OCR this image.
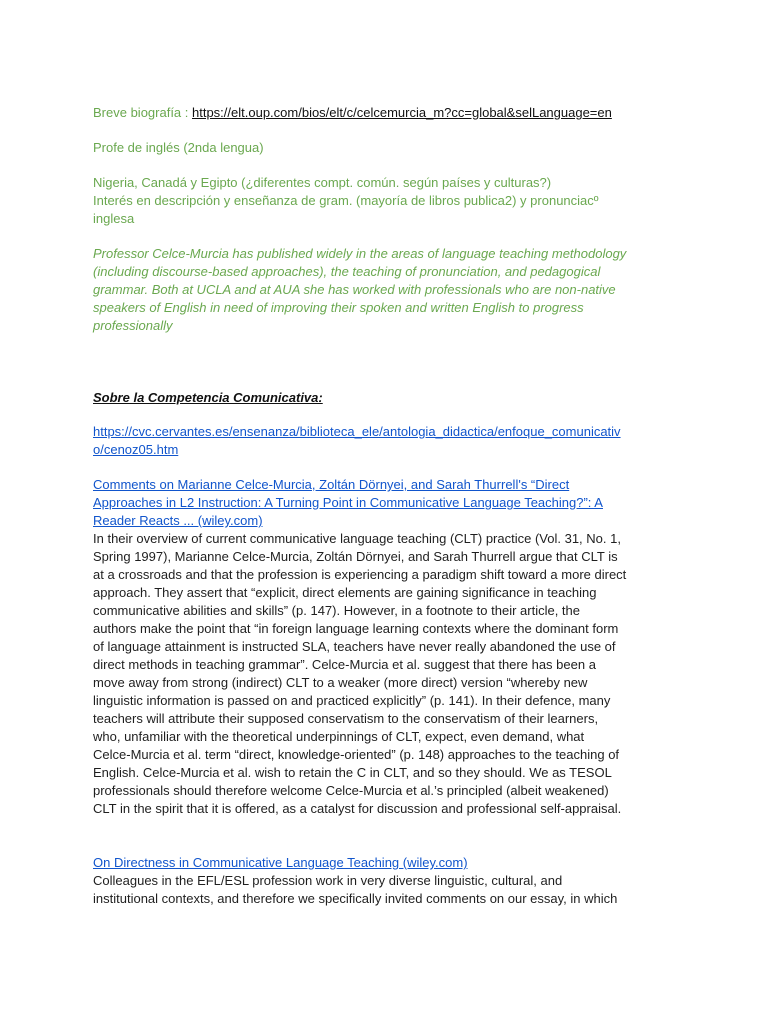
Breve biografía : https://elt.oup.com/bios/elt/c/celcemurcia_m?cc=global&selLanguage=en

Profe de inglés (2nda lengua)

Nigeria, Canadá y Egipto (¿diferentes compt. común. según países y culturas?)

Interés en descripción y enseñanza de gram. (mayoría de libros publica2) y pronunciacº

inglesa

Professor Celce-Murcia has published widely in the areas of language teaching methodology

(including discourse-based approaches), the teaching of pronunciation, and pedagogical

grammar. Both at UCLA and at AUA she has worked with professionals who are non-native

speakers of English in need of improving their spoken and written English to progress

professionally

Sobre la Competencia Comunicativa:

https://cvc.cervantes.es/ensenanza/biblioteca_ele/antologia_didactica/enfoque_comunicativ

o/cenoz05.htm

Comments on Marianne Celce-Murcia, Zoltán Dörnyei, and Sarah Thurrell's “Direct

Approaches in L2 Instruction: A Turning Point in Communicative Language Teaching?”: A

Reader Reacts ... (wiley.com)

In their overview of current communicative language teaching (CLT) practice (Vol. 31, No. 1,

Spring 1997), Marianne Celce-Murcia, Zoltán Dörnyei, and Sarah Thurrell argue that CLT is

at a crossroads and that the profession is experiencing a paradigm shift toward a more direct

approach. They assert that “explicit, direct elements are gaining significance in teaching

communicative abilities and skills” (p. 147). However, in a footnote to their article, the

authors make the point that “in foreign language learning contexts where the dominant form

of language attainment is instructed SLA, teachers have never really abandoned the use of

direct methods in teaching grammar”. Celce-Murcia et al. suggest that there has been a

move away from strong (indirect) CLT to a weaker (more direct) version “whereby new

linguistic information is passed on and practiced explicitly” (p. 141). In their defence, many

teachers will attribute their supposed conservatism to the conservatism of their learners,

who, unfamiliar with the theoretical underpinnings of CLT, expect, even demand, what

Celce-Murcia et al. term “direct, knowledge-oriented” (p. 148) approaches to the teaching of

English. Celce-Murcia et al. wish to retain the C in CLT, and so they should. We as TESOL

professionals should therefore welcome Celce-Murcia et al.’s principled (albeit weakened)

CLT in the spirit that it is offered, as a catalyst for discussion and professional self-appraisal.

On Directness in Communicative Language Teaching (wiley.com)

Colleagues in the EFL/ESL profession work in very diverse linguistic, cultural, and

institutional contexts, and therefore we specifically invited comments on our essay, in which
